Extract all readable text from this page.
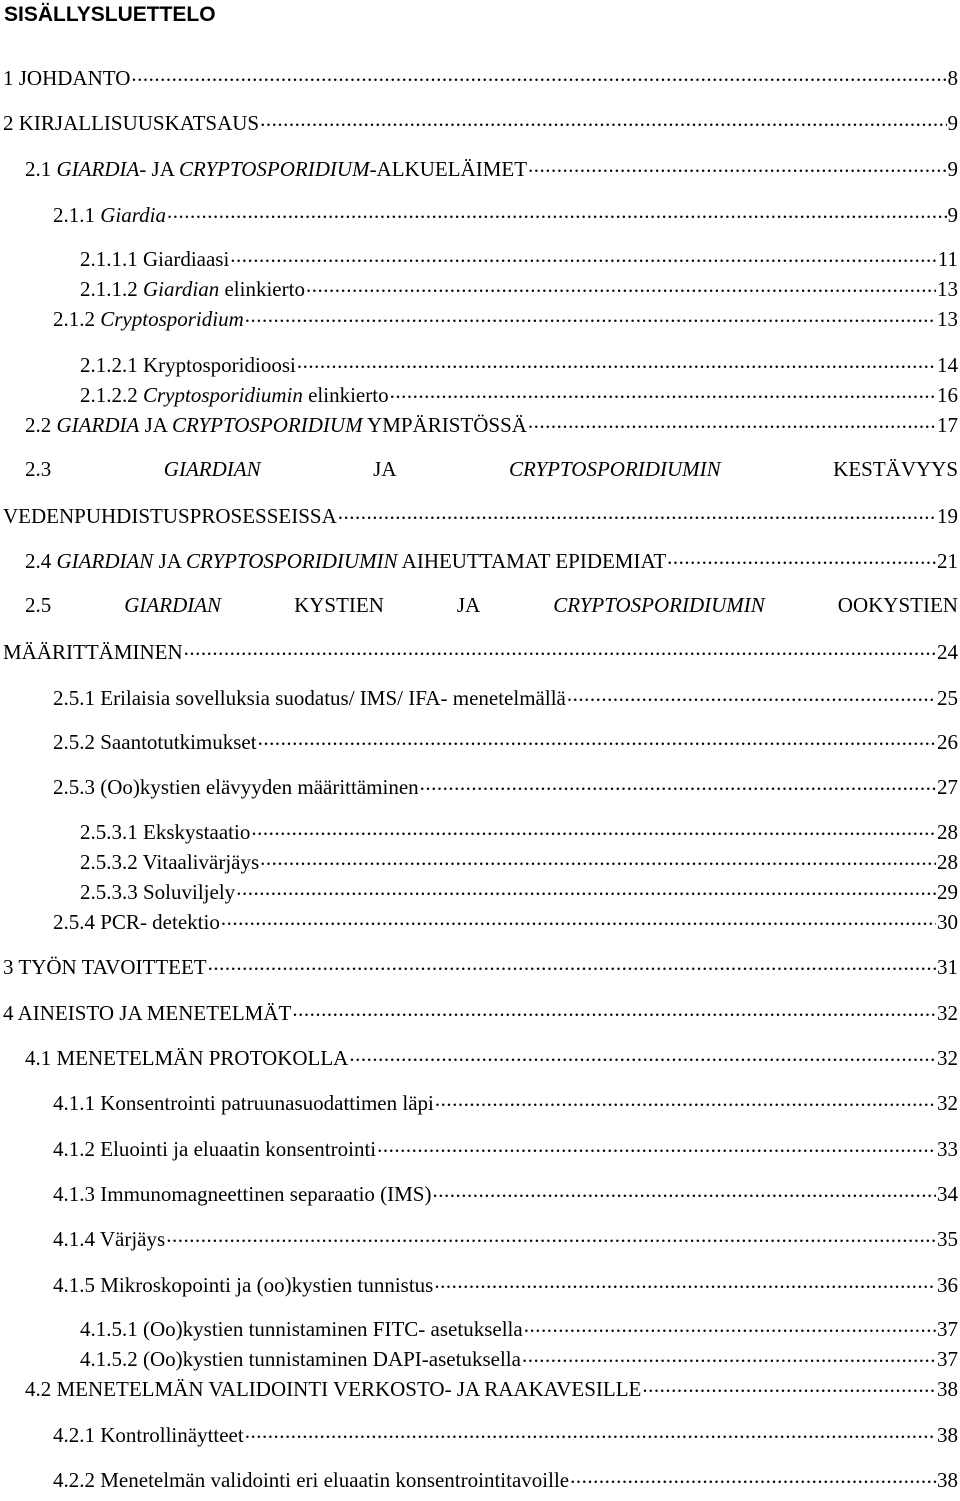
SISÄLLYSLUETTELO
1 JOHDANTO .....	8
2 KIRJALLISUUSKATSAUS .....	9
2.1 GIARDIA- JA CRYPTOSPORIDIUM-ALKUELÄIMET .....	9
2.1.1 Giardia .....	9
2.1.1.1 Giardiaasi .....	11
2.1.1.2 Giardian elinkierto .....	13
2.1.2 Cryptosporidium .....	13
2.1.2.1 Kryptosporidioosi .....	14
2.1.2.2 Cryptosporidiumin elinkierto .....	16
2.2 GIARDIA JA CRYPTOSPORIDIUM YMPÄRISTÖSSÄ .....	17
2.3	GIARDIAN	JA	CRYPTOSPORIDIUMIN	KESTÄVYYS
VEDENPUHDISTUSPROSESSEISSA .....	19
2.4 GIARDIAN JA CRYPTOSPORIDIUMIN AIHEUTTAMAT EPIDEMIAT .....	21
2.5	GIARDIAN	KYSTIEN	JA	CRYPTOSPORIDIUMIN	OOKYSTIEN
MÄÄRITTÄMINEN .....	24
2.5.1 Erilaisia sovelluksia suodatus/ IMS/ IFA- menetelmällä .....	25
2.5.2 Saantotutkimukset .....	26
2.5.3 (Oo)kystien elävyyden määrittäminen .....	27
2.5.3.1 Ekskystaatio .....	28
2.5.3.2 Vitaalivärjäys .....	28
2.5.3.3 Soluviljely .....	29
2.5.4 PCR- detektio .....	30
3 TYÖN TAVOITTEET .....	31
4 AINEISTO JA MENETELMÄT .....	32
4.1 MENETELMÄN PROTOKOLLA .....	32
4.1.1 Konsentrointi patruunasuodattimen läpi .....	32
4.1.2 Eluointi ja eluaatin konsentrointi .....	33
4.1.3 Immunomagneettinen separaatio (IMS) .....	34
4.1.4 Värjäys .....	35
4.1.5 Mikroskopointi ja (oo)kystien tunnistus .....	36
4.1.5.1 (Oo)kystien tunnistaminen FITC- asetuksella .....	37
4.1.5.2 (Oo)kystien tunnistaminen DAPI-asetuksella .....	37
4.2 MENETELMÄN VALIDOINTI VERKOSTO- JA RAAKAVESILLE .....	38
4.2.1 Kontrollinäytteet .....	38
4.2.2 Menetelmän validointi eri eluaatin konsentrointitavoille .....	38
